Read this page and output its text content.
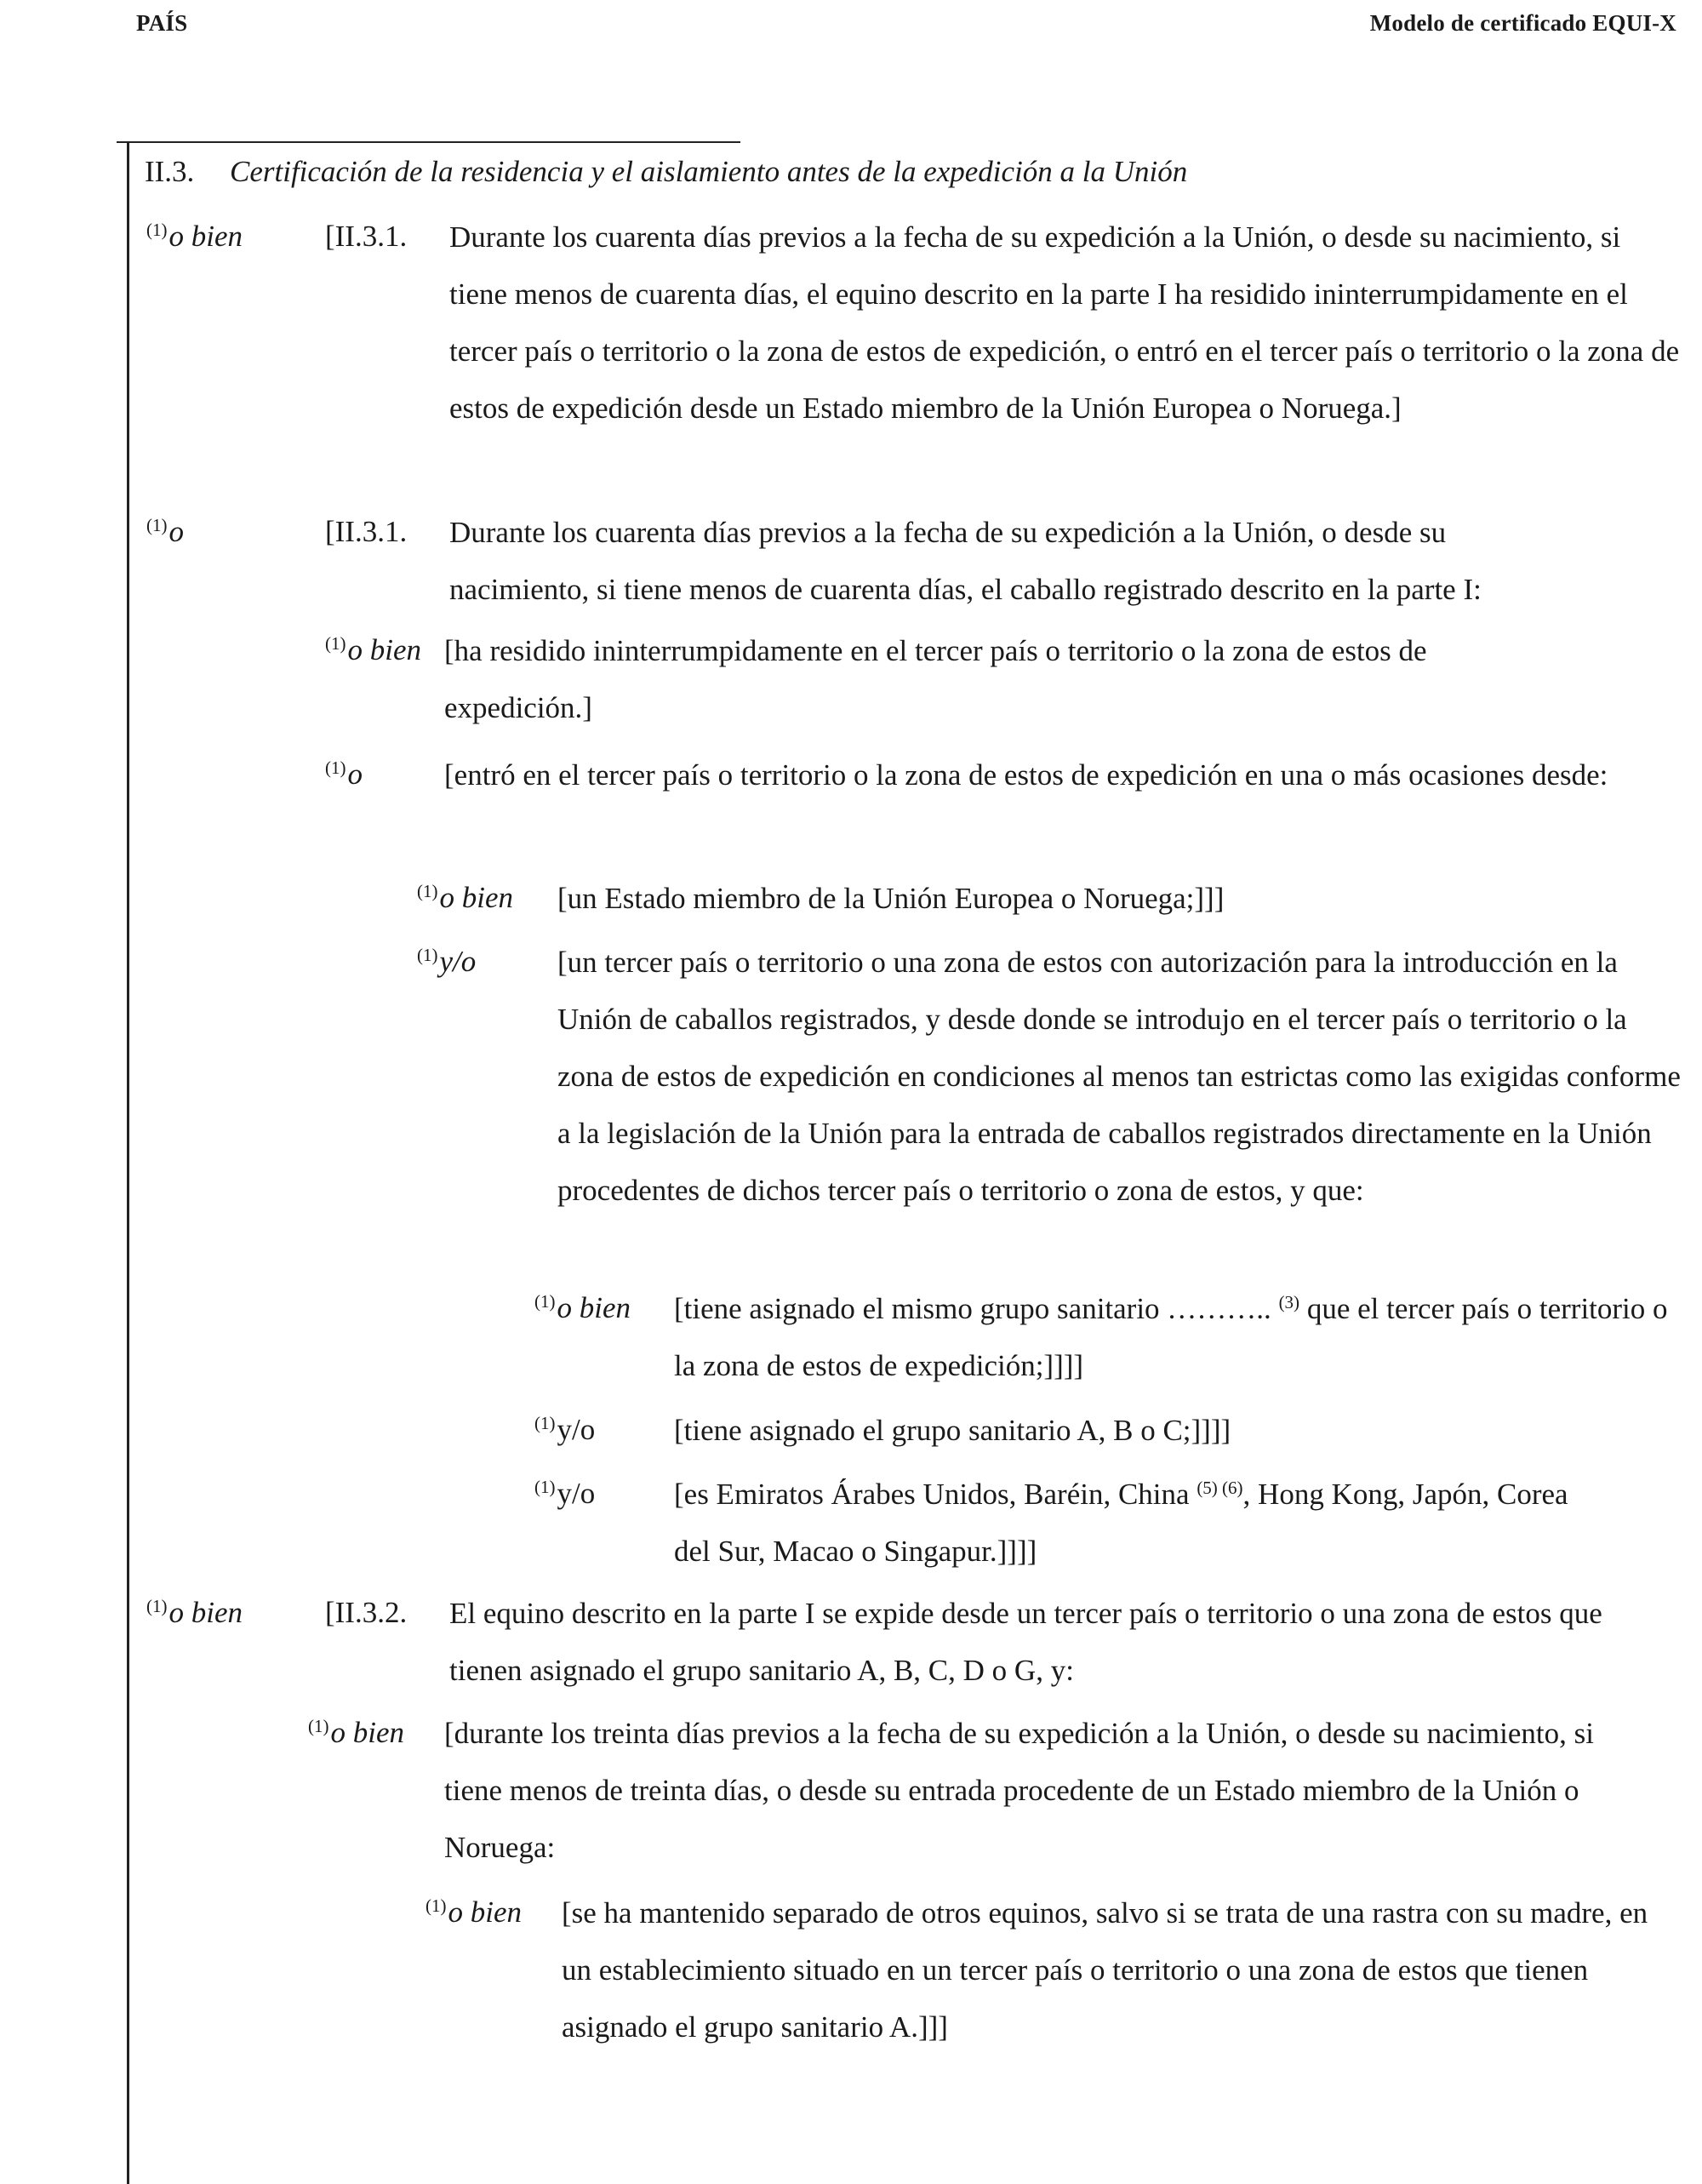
PAÍS	Modelo de certificado EQUI-X
II.3. Certificación de la residencia y el aislamiento antes de la expedición a la Unión
$^{(1)}$o bien	[II.3.1. Durante los cuarenta días previos a la fecha de su expedición a la Unión, o desde su nacimiento, si tiene menos de cuarenta días, el equino descrito en la parte I ha residido ininterrumpidamente en el tercer país o territorio o la zona de estos de expedición, o entró en el tercer país o territorio o la zona de estos de expedición desde un Estado miembro de la Unión Europea o Noruega.]
$^{(1)}$o	[II.3.1. Durante los cuarenta días previos a la fecha de su expedición a la Unión, o desde su nacimiento, si tiene menos de cuarenta días, el caballo registrado descrito en la parte I:
$^{(1)}$o bien [ha residido ininterrumpidamente en el tercer país o territorio o la zona de estos de expedición.]
$^{(1)}$o	[entró en el tercer país o territorio o la zona de estos de expedición en una o más ocasiones desde:
$^{(1)}$o bien [un Estado miembro de la Unión Europea o Noruega;]]]
$^{(1)}$y/o	[un tercer país o territorio o una zona de estos con autorización para la introducción en la Unión de caballos registrados, y desde donde se introdujo en el tercer país o territorio o la zona de estos de expedición en condiciones al menos tan estrictas como las exigidas conforme a la legislación de la Unión para la entrada de caballos registrados directamente en la Unión procedentes de dichos tercer país o territorio o zona de estos, y que:
$^{(1)}$o bien [tiene asignado el mismo grupo sanitario ……….. $^{(3)}$ que el tercer país o territorio o la zona de estos de expedición;]]]]
$^{(1)}$y/o	[tiene asignado el grupo sanitario A, B o C;]]]]
$^{(1)}$y/o	[es Emiratos Árabes Unidos, Baréin, China $^{(5) (6)}$, Hong Kong, Japón, Corea del Sur, Macao o Singapur.]]]]
$^{(1)}$o bien	[II.3.2. El equino descrito en la parte I se expide desde un tercer país o territorio o una zona de estos que tienen asignado el grupo sanitario A, B, C, D o G, y:
$^{(1)}$o bien [durante los treinta días previos a la fecha de su expedición a la Unión, o desde su nacimiento, si tiene menos de treinta días, o desde su entrada procedente de un Estado miembro de la Unión o Noruega:
$^{(1)}$o bien [se ha mantenido separado de otros equinos, salvo si se trata de una rastra con su madre, en un establecimiento situado en un tercer país o territorio o una zona de estos que tienen asignado el grupo sanitario A.]]]
